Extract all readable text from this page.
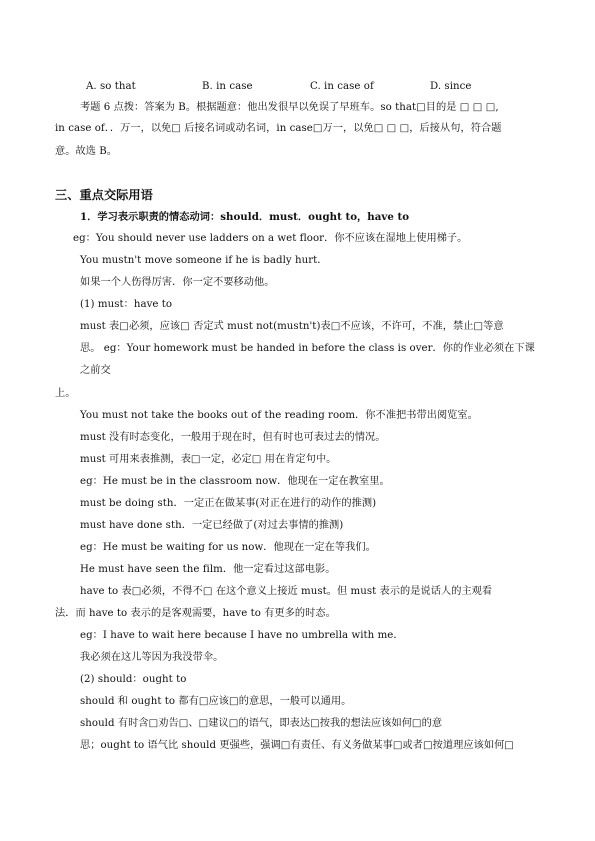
A. so that	B. in case	C. in case of	D. since
考题 6 点拨：答案为 B。根据题意：他出发很早以免误了早班车。so that□目的是 □ □ □,
in case of．．万一，以免□ 后接名词或动名词，in case□万一，以免□ □ □，后接从句，符合题
意。故选 B。
三、重点交际用语
1．学习表示职责的情态动词：should．must．ought to，have to
eg：You should never use ladders on a wet floor．你不应该在湿地上使用梯子。
You mustn't move someone if he is badly hurt．
如果一个人伤得厉害．你一定不要移动他。
(1) must：have to
must 表□必须，应该□ 否定式 must not(mustn't)表□不应该，不许可，不准，禁止□等意
思。 eg：Your homework must be handed in before the class is over．你的作业必须在下课
之前交
上。
You must not take the books out of the reading room．你不准把书带出阅览室。
must 没有时态变化，一般用于现在时，但有时也可表过去的情况。
must 可用来表推测，表□一定，必定□ 用在肯定句中。
eg：He must be in the classroom now．他现在一定在教室里。
must be doing sth．一定正在做某事(对正在进行的动作的推测)
must have done sth．一定已经做了(对过去事情的推测)
eg：He must be waiting for us now．他现在一定在等我们。
He must have seen the film．他一定看过这部电影。
have to 表□必须，不得不□ 在这个意义上接近 must。但 must 表示的是说话人的主观看
法．而 have to 表示的是客观需要，have to 有更多的时态。
eg：I have to wait here because I have no umbrella with me．
我必须在这儿等因为我没带伞。
(2) should：ought to
should 和 ought to 都有□应该□的意思，一般可以通用。
should 有时含□劝告□、□建议□的语气，即表达□按我的想法应该如何□的意
思；ought to 语气比 should 更强些，强调□有责任、有义务做某事□或者□按道理应该如何□
